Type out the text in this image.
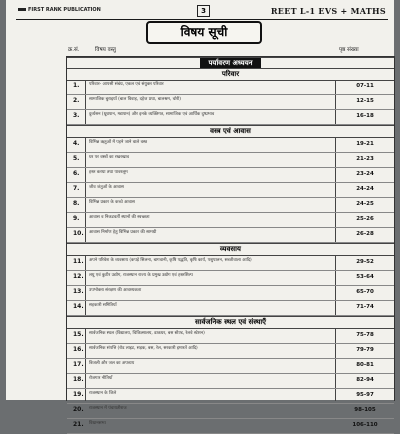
FIRST RANK PUBLICATION	3	REET L-1 EVS + MATHS
विषय सूची
क्र.सं.	विषय वस्तु	पृष्ठ संख्या
पर्यावरण अध्ययन
परिवार
1. परिवार- आपसी संबंध, एकल एवं संयुक्त परिवार	07-11
2. सामाजिक बुराइयाँ (बाल विवाह, दहेज प्रथा, बालश्रम, चोरी)	12-15
3. दुर्व्यसन (धूम्रपान, मद्यपान) और इनके व्यक्तिगत, सामाजिक एवं आर्थिक दुष्प्रभाव	16-18
वस्त्र एवं आवास
4. विभिन्न ऋतुओं में पहने जाने वाले वस्त्र	19-21
5. घर पर वस्त्रों का रखरखाव	21-23
6. हस्त करघा तथा पावरलूम	23-24
7. जीव जंतुओं के आवास	24-24
8. विभिन्न प्रकार के कच्चे आवास	24-25
9. आवास व निकटवर्ती स्थानों की स्वच्छता	25-26
10. आवास निर्माण हेतु विभिन्न प्रकार की सामग्री	26-28
व्यवसाय
11. अपने परिवेश के व्यवसाय (कपड़े सिलना, बागवानी, कृषि पद्धति, कृषि कार्य, पशुपालन, सब्जीवाला आदि)	29-52
12. लघु एवं कुटीर उद्योग, राजस्थान राज्य के प्रमुख उद्योग एवं हस्तशिल्प	53-64
13. उपभोक्ता संरक्षण की आवश्यकता	65-70
14. सहकारी समितियाँ	71-74
सार्वजनिक स्थल एवं संस्थाएँ
15. सार्वजनिक स्थल (विद्यालय, चिकित्सालय, डाकघर, बस स्टैण्ड, रेलवे स्टेशन)	75-78
16. सार्वजनिक संपत्ति (रोड लाइट, सड़क, बस, रेल, सरकारी इमारतें आदि)	79-79
17. बिजली और जल का अपव्यय	80-81
18. रोजगार नीतियाँ	82-94
19. राजस्थान के जिले	95-97
20. राजस्थान में पंचायतीराज	98-105
21. विधानसभा	106-110
